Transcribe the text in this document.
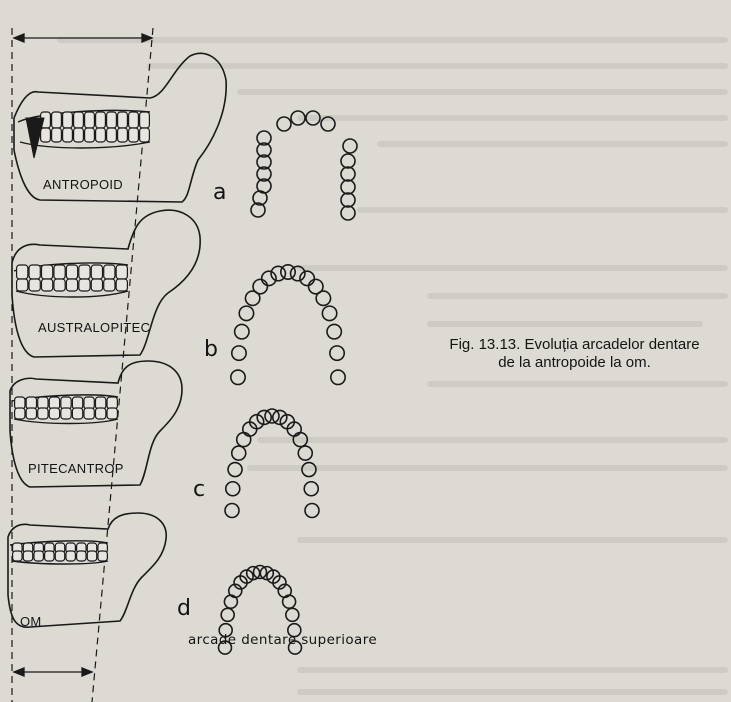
ANTROPOID
AUSTRALOPITEC
PITECANTROP
OM
a
b
c
d
Fig. 13.13. Evoluția arcadelor dentare
de la antropoide la om.
arcade dentare superioare
